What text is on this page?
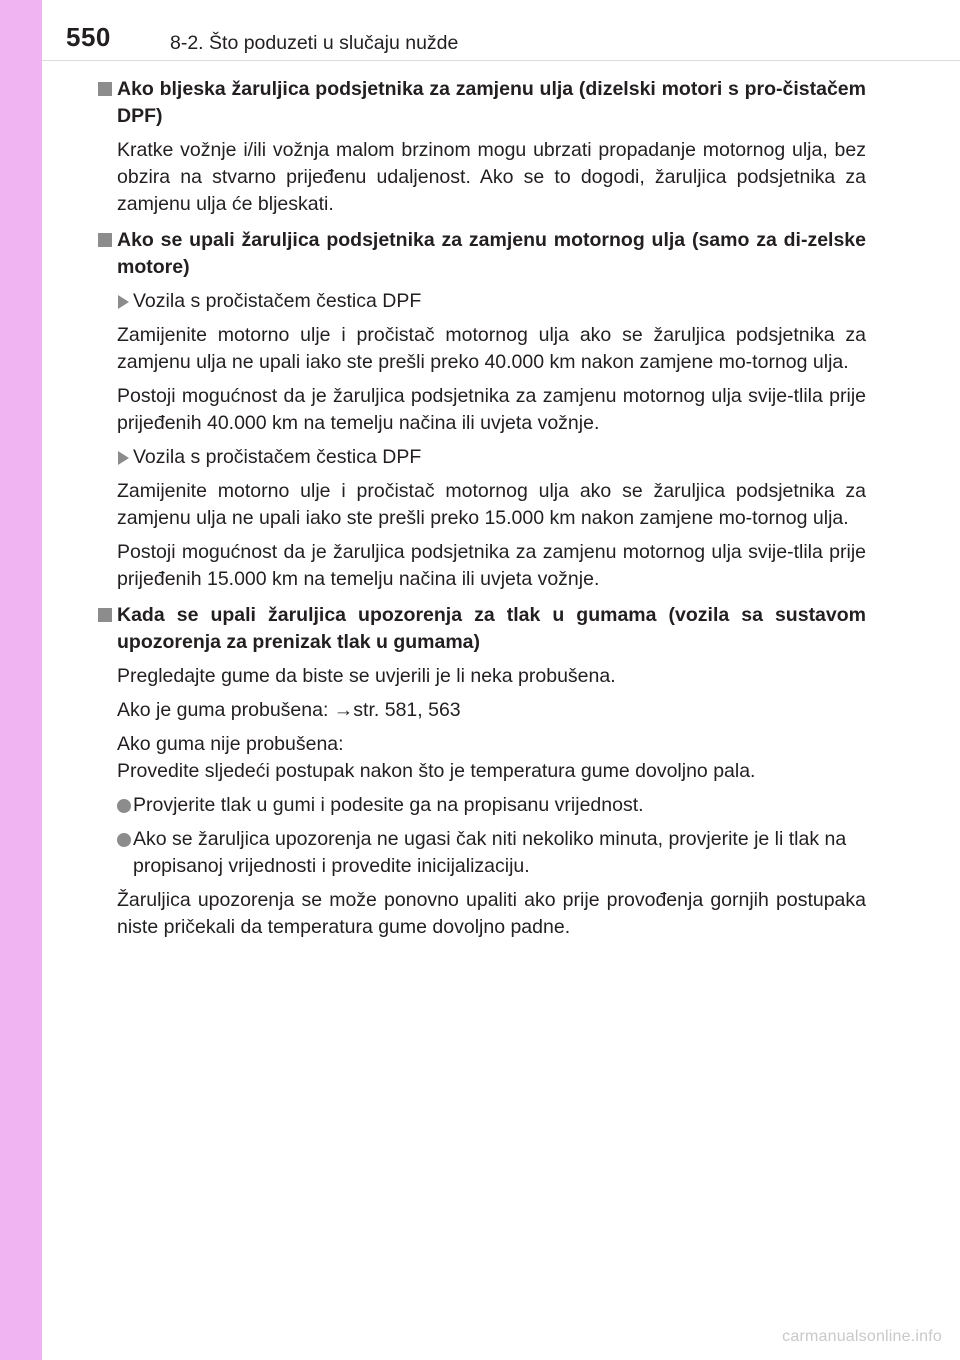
550	8-2. Što poduzeti u slučaju nužde
Ako bljeska žaruljica podsjetnika za zamjenu ulja (dizelski motori s pro-čistačem DPF)
Kratke vožnje i/ili vožnja malom brzinom mogu ubrzati propadanje motornog ulja, bez obzira na stvarno prijeđenu udaljenost. Ako se to dogodi, žaruljica podsjetnika za zamjenu ulja će bljeskati.
Ako se upali žaruljica podsjetnika za zamjenu motornog ulja (samo za di-zelske motore)
Vozila s pročistačem čestica DPF
Zamijenite motorno ulje i pročistač motornog ulja ako se žaruljica podsjetnika za zamjenu ulja ne upali iako ste prešli preko 40.000 km nakon zamjene mo-tornog ulja.
Postoji mogućnost da je žaruljica podsjetnika za zamjenu motornog ulja svije-tlila prije prijeđenih 40.000 km na temelju načina ili uvjeta vožnje.
Vozila s pročistačem čestica DPF
Zamijenite motorno ulje i pročistač motornog ulja ako se žaruljica podsjetnika za zamjenu ulja ne upali iako ste prešli preko 15.000 km nakon zamjene mo-tornog ulja.
Postoji mogućnost da je žaruljica podsjetnika za zamjenu motornog ulja svije-tlila prije prijeđenih 15.000 km na temelju načina ili uvjeta vožnje.
Kada se upali žaruljica upozorenja za tlak u gumama (vozila sa sustavom upozorenja za prenizak tlak u gumama)
Pregledajte gume da biste se uvjerili je li neka probušena.
Ako je guma probušena: →str. 581, 563
Ako guma nije probušena:
Provedite sljedeći postupak nakon što je temperatura gume dovoljno pala.
Provjerite tlak u gumi i podesite ga na propisanu vrijednost.
Ako se žaruljica upozorenja ne ugasi čak niti nekoliko minuta, provjerite je li tlak na propisanoj vrijednosti i provedite inicijalizaciju.
Žaruljica upozorenja se može ponovno upaliti ako prije provođenja gornjih postupaka niste pričekali da temperatura gume dovoljno padne.
carmanualsonline.info
